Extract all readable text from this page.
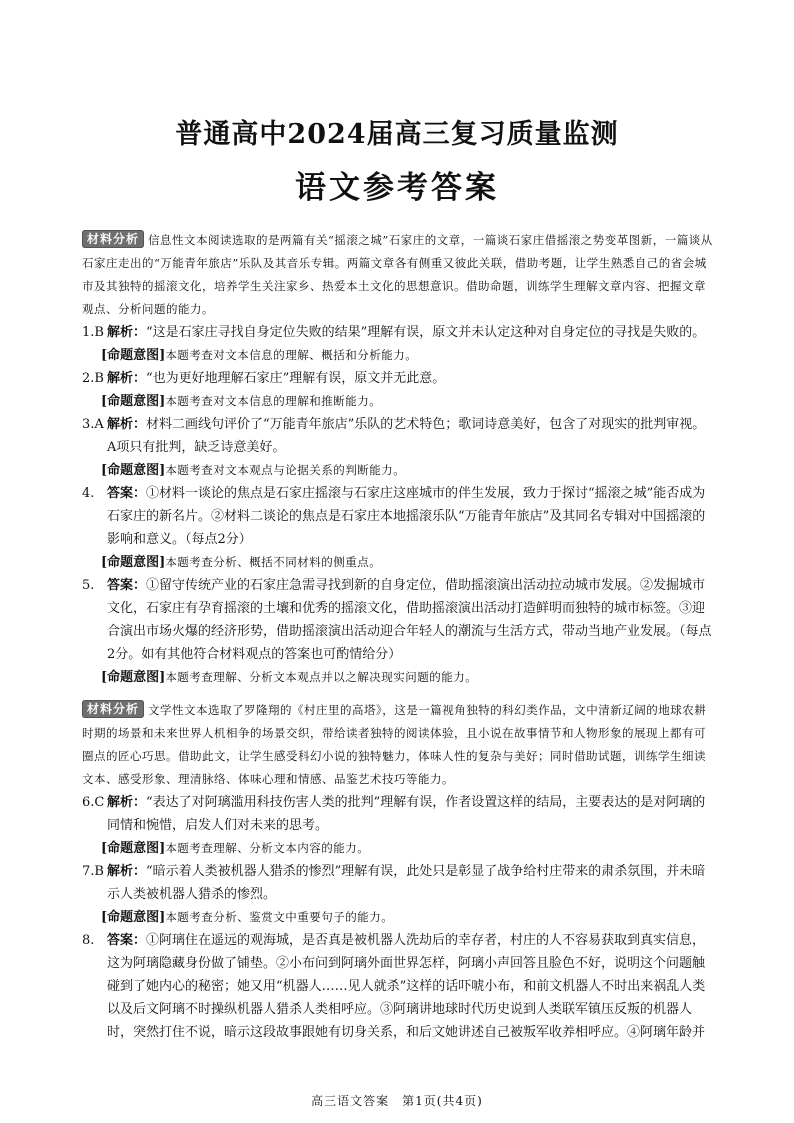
普通高中2024届高三复习质量监测
语文参考答案

材料分析 信息性文本阅读选取的是两篇有关“摇滚之城”石家庄的文章，一篇谈石家庄借摇滚之势变革图新，一篇谈从石家庄走出的“万能青年旅店”乐队及其音乐专辑。两篇文章各有侧重又彼此关联，借助考题，让学生熟悉自己的省会城市及其独特的摇滚文化，培养学生关注家乡、热爱本土文化的思想意识。借助命题，训练学生理解文章内容、把握文章观点、分析问题的能力。

1.B 解析：“这是石家庄寻找自身定位失败的结果”理解有误，原文并未认定这种对自身定位的寻找是失败的。

[命题意图]本题考查对文本信息的理解、概括和分析能力。

2.B 解析：“也为更好地理解石家庄”理解有误，原文并无此意。

[命题意图]本题考查对文本信息的理解和推断能力。

3.A 解析：材料二画线句评价了“万能青年旅店”乐队的艺术特色；歌词诗意美好，包含了对现实的批判审视。A项只有批判，缺乏诗意美好。

[命题意图]本题考查对文本观点与论据关系的判断能力。

4. 答案：①材料一谈论的焦点是石家庄摇滚与石家庄这座城市的伴生发展，致力于探讨“摇滚之城”能否成为石家庄的新名片。②材料二谈论的焦点是石家庄本地摇滚乐队“万能青年旅店”及其同名专辑对中国摇滚的影响和意义。（每点2分）

[命题意图]本题考查分析、概括不同材料的侧重点。

5. 答案：①留守传统产业的石家庄急需寻找到新的自身定位，借助摇滚演出活动拉动城市发展。②发掘城市文化，石家庄有孕育摇滚的土壤和优秀的摇滚文化，借助摇滚演出活动打造鲜明而独特的城市标签。③迎合演出市场火爆的经济形势，借助摇滚演出活动迎合年轻人的潮流与生活方式，带动当地产业发展。（每点2分。如有其他符合材料观点的答案也可酌情给分）

[命题意图]本题考查理解、分析文本观点并以之解决现实问题的能力。

材料分析 文学性文本选取了罗隆翔的《村庄里的高塔》，这是一篇视角独特的科幻类作品，文中清新辽阔的地球农耕时期的场景和未来世界人机相争的场景交织，带给读者独特的阅读体验，且小说在故事情节和人物形象的展现上都有可圈点的匠心巧思。借助此文，让学生感受科幻小说的独特魅力，体味人性的复杂与美好；同时借助试题，训练学生细读文本、感受形象、理清脉络、体味心理和情感、品鉴艺术技巧等能力。

6.C 解析：“表达了对阿璃滥用科技伤害人类的批判”理解有误，作者设置这样的结局，主要表达的是对阿璃的同情和惋惜，启发人们对未来的思考。

[命题意图]本题考查理解、分析文本内容的能力。

7.B 解析：“暗示着人类被机器人猎杀的惨烈”理解有误，此处只是彰显了战争给村庄带来的肃杀氛围，并未暗示人类被机器人猎杀的惨烈。

[命题意图]本题考查分析、鉴赏文中重要句子的能力。

8. 答案：①阿璃住在遥远的观海城，是否真是被机器人洗劫后的幸存者，村庄的人不容易获取到真实信息，这为阿璃隐藏身份做了铺垫。②小布问到阿璃外面世界怎样，阿璃小声回答且脸色不好，说明这个问题触碰到了她内心的秘密；她又用“机器人……见人就杀”这样的话吓唬小布，和前文机器人不时出来祸乱人类以及后文阿璃不时操纵机器人猎杀人类相呼应。③阿璃讲地球时代历史说到人类联军镇压反叛的机器人时，突然打住不说，暗示这段故事跟她有切身关系，和后文她讲述自己被叛军收养相呼应。④阿璃年龄并

高三语文答案　第1页(共4页)
